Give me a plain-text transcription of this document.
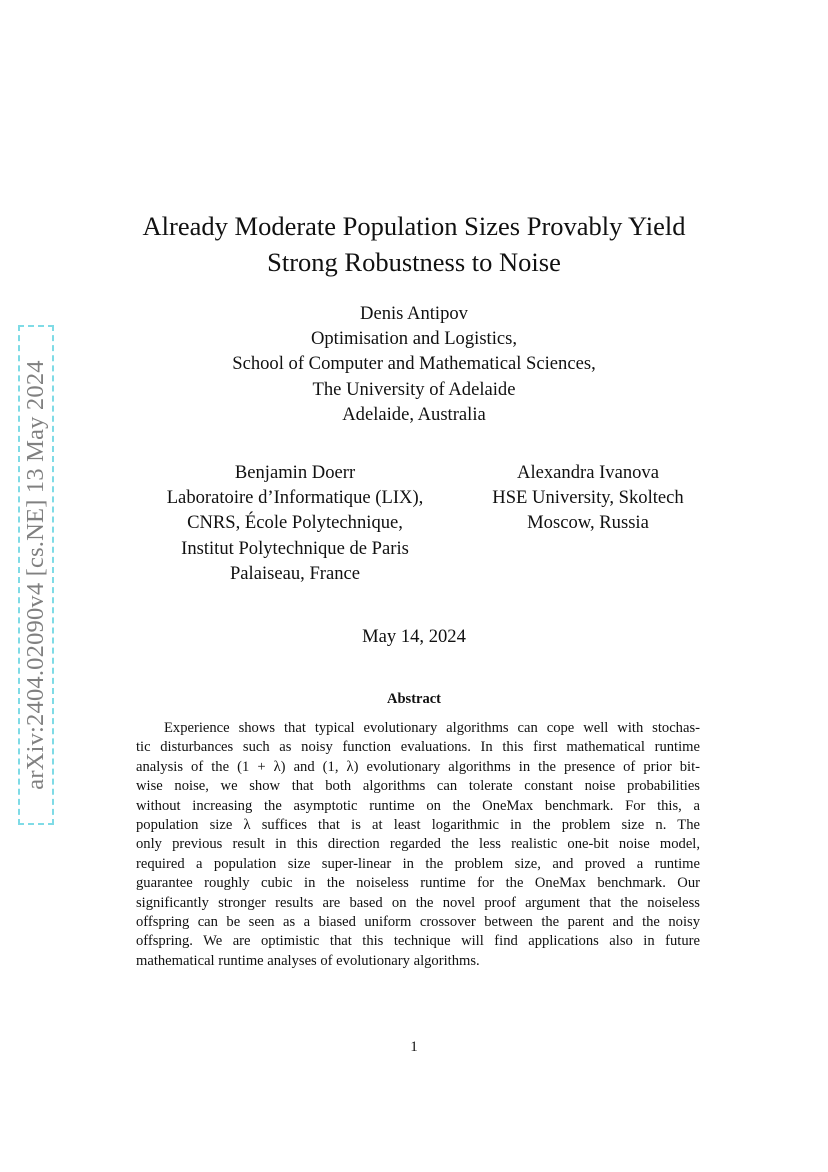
arXiv:2404.02090v4 [cs.NE] 13 May 2024
Already Moderate Population Sizes Provably Yield
Strong Robustness to Noise
Denis Antipov
Optimisation and Logistics,
School of Computer and Mathematical Sciences,
The University of Adelaide
Adelaide, Australia
Benjamin Doerr
Laboratoire d’Informatique (LIX),
CNRS, École Polytechnique,
Institut Polytechnique de Paris
Palaiseau, France
Alexandra Ivanova
HSE University, Skoltech
Moscow, Russia
May 14, 2024
Abstract
Experience shows that typical evolutionary algorithms can cope well with stochas-
tic disturbances such as noisy function evaluations. In this first mathematical runtime
analysis of the (1 + λ) and (1, λ) evolutionary algorithms in the presence of prior bit-
wise noise, we show that both algorithms can tolerate constant noise probabilities
without increasing the asymptotic runtime on the OneMax benchmark. For this, a
population size λ suffices that is at least logarithmic in the problem size n. The
only previous result in this direction regarded the less realistic one-bit noise model,
required a population size super-linear in the problem size, and proved a runtime
guarantee roughly cubic in the noiseless runtime for the OneMax benchmark. Our
significantly stronger results are based on the novel proof argument that the noiseless
offspring can be seen as a biased uniform crossover between the parent and the noisy
offspring. We are optimistic that this technique will find applications also in future
mathematical runtime analyses of evolutionary algorithms.
1
